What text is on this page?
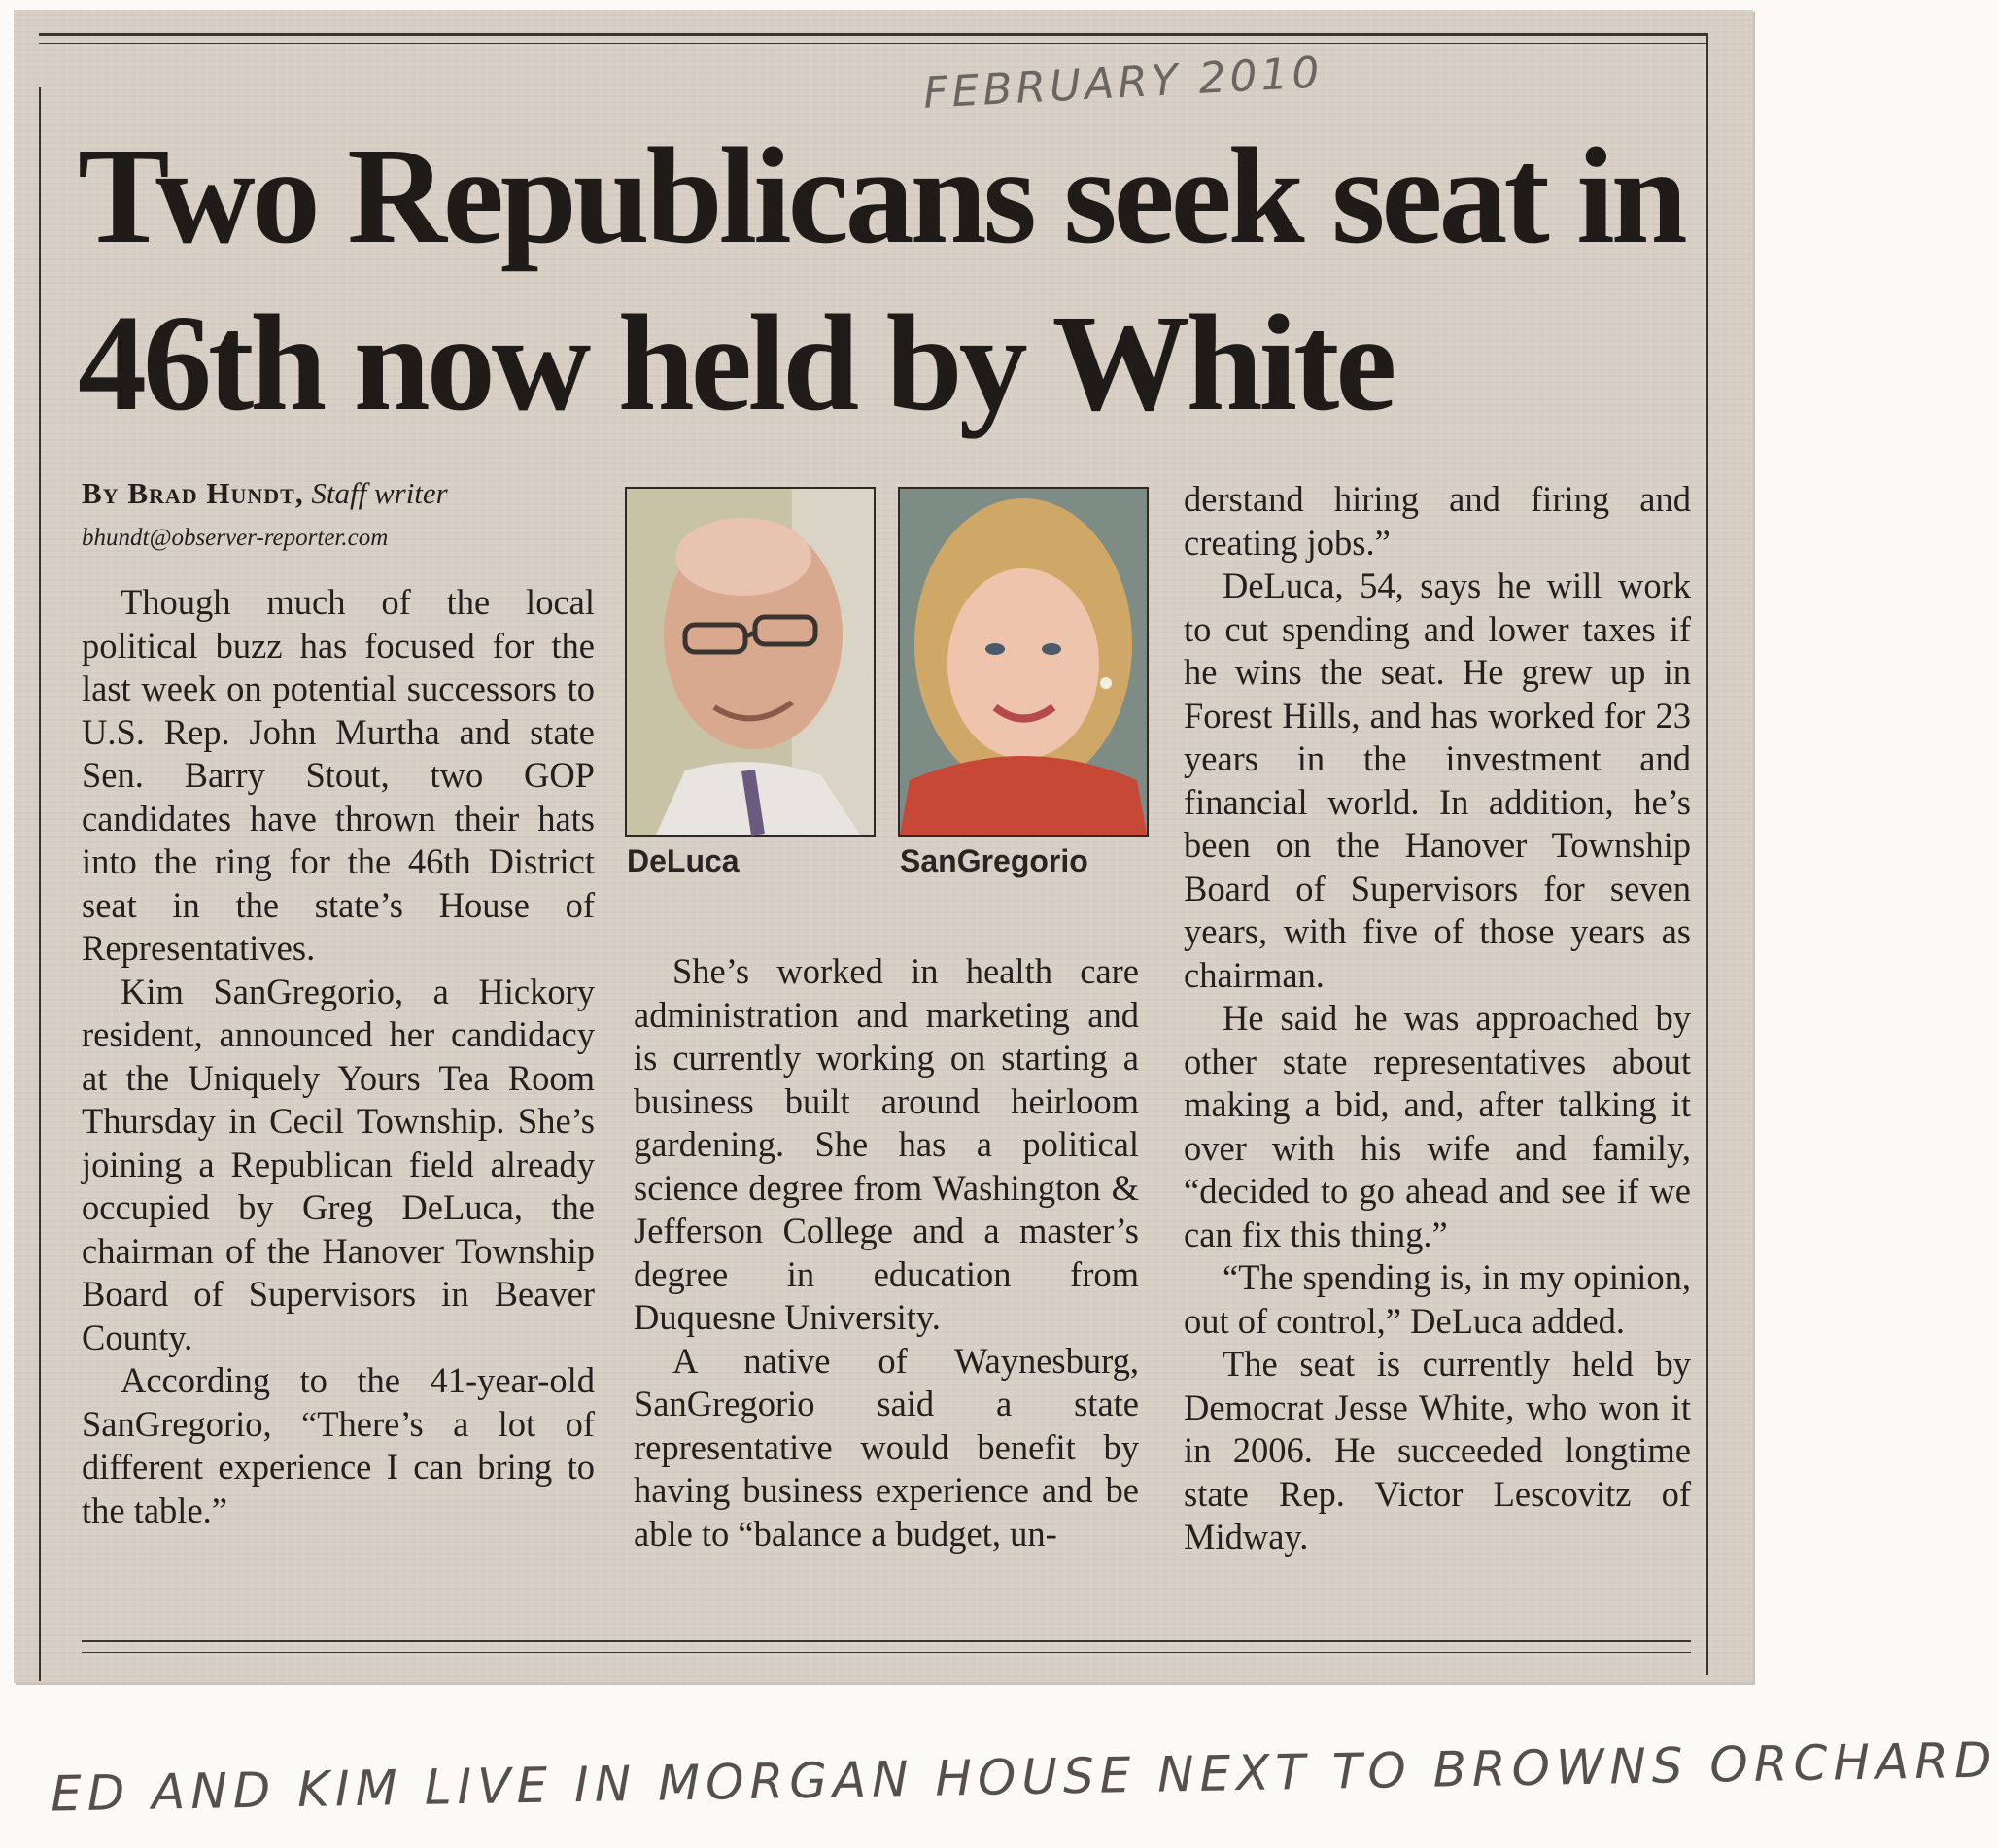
FEBRUARY 2010
Two Republicans seek seat in 46th now held by White
By Brad Hundt, Staff writer
bhundt@observer-reporter.com

Though much of the local political buzz has focused for the last week on potential successors to U.S. Rep. John Murtha and state Sen. Barry Stout, two GOP candidates have thrown their hats into the ring for the 46th District seat in the state’s House of Representatives.

Kim SanGregorio, a Hickory resident, announced her candidacy at the Uniquely Yours Tea Room Thursday in Cecil Township. She’s joining a Republican field already occupied by Greg DeLuca, the chairman of the Hanover Township Board of Supervisors in Beaver County.

According to the 41-year-old SanGregorio, “There’s a lot of different experience I can bring to the table.”

DeLuca	SanGregorio

She’s worked in health care administration and marketing and is currently working on starting a business built around heirloom gardening. She has a political science degree from Washington & Jefferson College and a master’s degree in education from Duquesne University.

A native of Waynesburg, SanGregorio said a state representative would benefit by having business experience and be able to “balance a budget, un-

derstand hiring and firing and creating jobs.”

DeLuca, 54, says he will work to cut spending and lower taxes if he wins the seat. He grew up in Forest Hills, and has worked for 23 years in the investment and financial world. In addition, he’s been on the Hanover Township Board of Supervisors for seven years, with five of those years as chairman.

He said he was approached by other state representatives about making a bid, and, after talking it over with his wife and family, “decided to go ahead and see if we can fix this thing.”

“The spending is, in my opinion, out of control,” DeLuca added.

The seat is currently held by Democrat Jesse White, who won it in 2006. He succeeded longtime state Rep. Victor Lescovitz of Midway.

ED AND KIM LIVE IN MORGAN HOUSE NEXT TO BROWNS ORCHARD
